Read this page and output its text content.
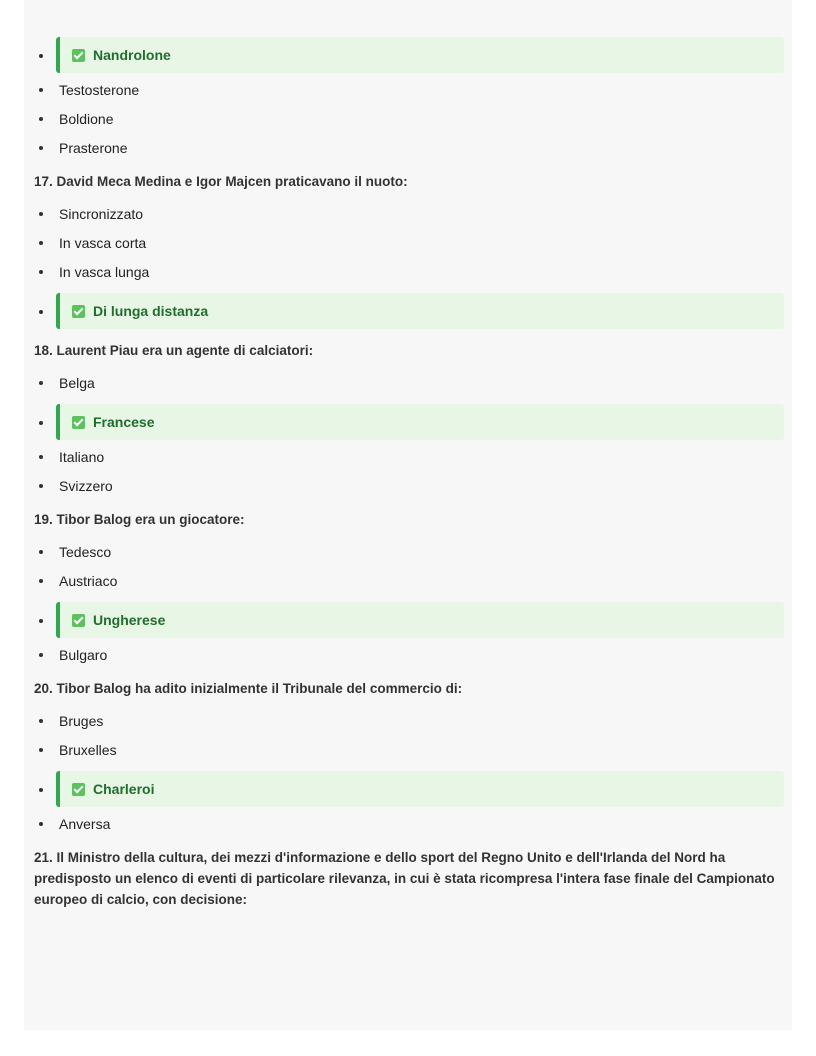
Nandrolone
Testosterone
Boldione
Prasterone
17. David Meca Medina e Igor Majcen praticavano il nuoto:
Sincronizzato
In vasca corta
In vasca lunga
Di lunga distanza
18. Laurent Piau era un agente di calciatori:
Belga
Francese
Italiano
Svizzero
19. Tibor Balog era un giocatore:
Tedesco
Austriaco
Ungherese
Bulgaro
20. Tibor Balog ha adito inizialmente il Tribunale del commercio di:
Bruges
Bruxelles
Charleroi
Anversa
21. Il Ministro della cultura, dei mezzi d'informazione e dello sport del Regno Unito e dell'Irlanda del Nord ha predisposto un elenco di eventi di particolare rilevanza, in cui è stata ricompresa l'intera fase finale del Campionato europeo di calcio, con decisione:
